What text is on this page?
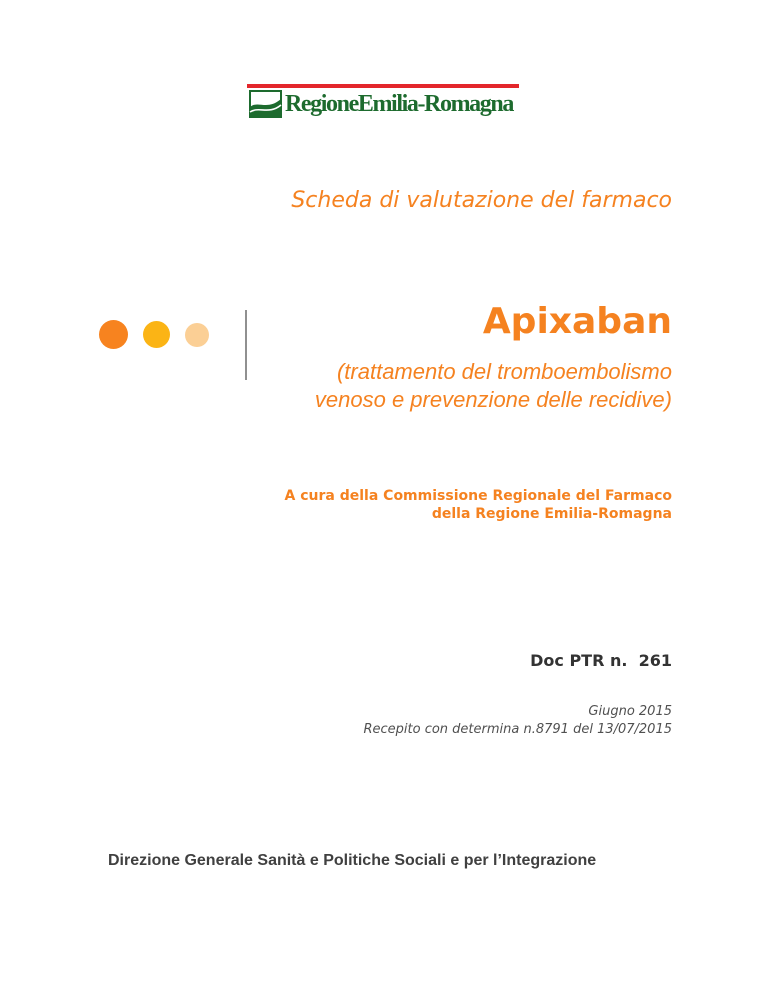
RegioneEmilia-Romagna
Scheda di valutazione del farmaco
Apixaban
(trattamento del tromboembolismo
venoso e prevenzione delle recidive)
A cura della Commissione Regionale del Farmaco
della Regione Emilia-Romagna
Doc PTR n.  261
Giugno 2015
Recepito con determina n.8791 del 13/07/2015
Direzione Generale Sanità e Politiche Sociali e per l’Integrazione
